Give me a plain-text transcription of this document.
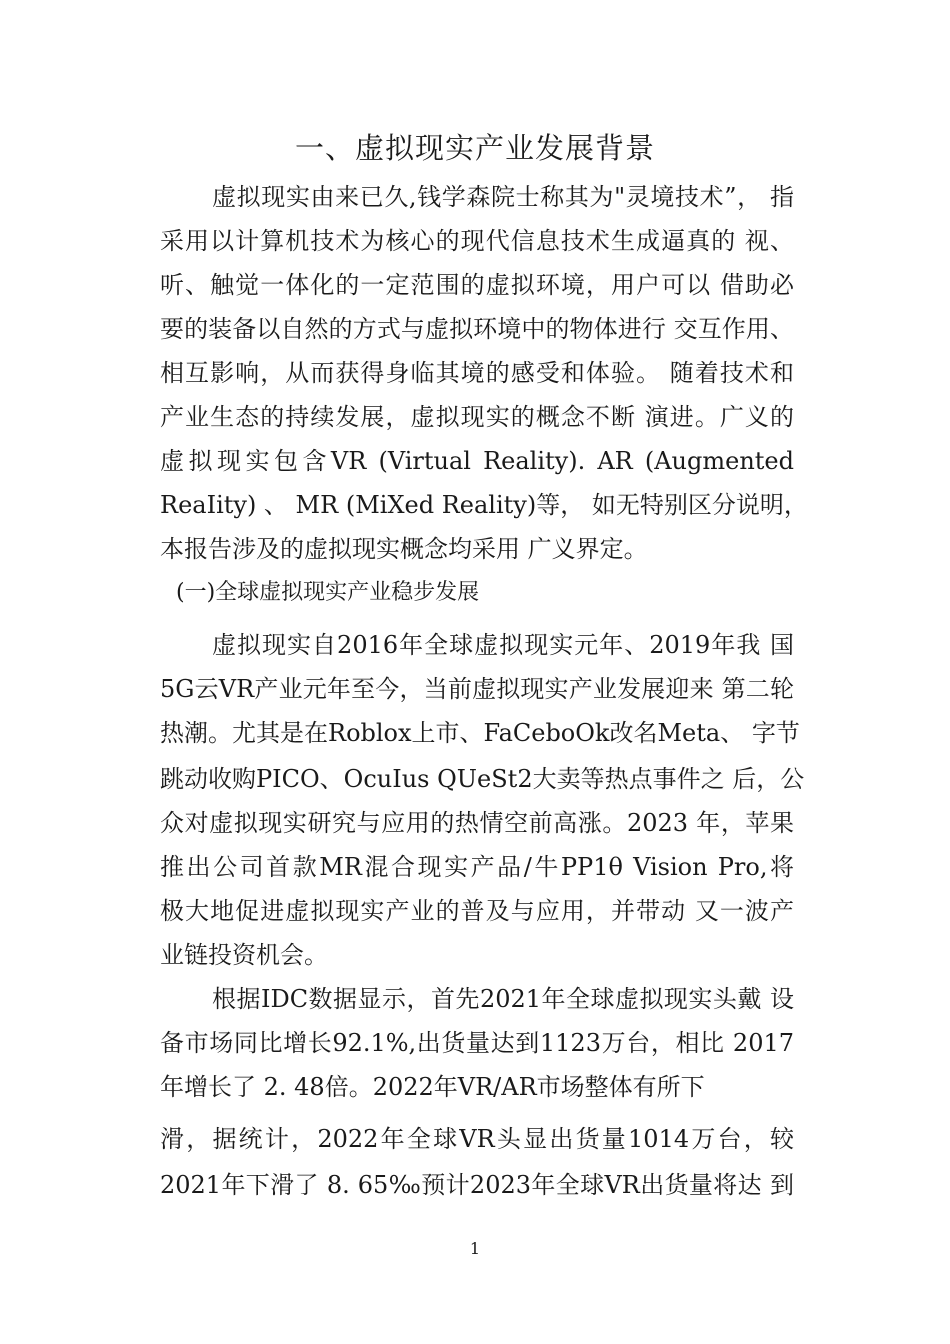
一、虚拟现实产业发展背景
虚拟现实由来已久,钱学森院士称其为"灵境技术”， 指
采用以计算机技术为核心的现代信息技术生成逼真的 视、
听、触觉一体化的一定范围的虚拟环境，用户可以 借助必
要的装备以自然的方式与虚拟环境中的物体进行 交互作用、
相互影响，从而获得身临其境的感受和体验。 随着技术和
产业生态的持续发展，虚拟现实的概念不断 演进。广义的
虚拟现实包含VR (Virtual Reality). AR (Augmented
ReaIity) 、 MR (MiXed Reality)等， 如无特别区分说明，
本报告涉及的虚拟现实概念均采用 广义界定。
(一)全球虚拟现实产业稳步发展
虚拟现实自2016年全球虚拟现实元年、2019年我 国
5G云VR产业元年至今，当前虚拟现实产业发展迎来 第二轮
热潮。尤其是在Roblox上市、FaCeboOk改名Meta、 字节
跳动收购PICO、OcuIus QUeSt2大卖等热点事件之 后，公
众对虚拟现实研究与应用的热情空前高涨。2023 年，苹果
推出公司首款MR混合现实产品/牛PP1θ Vision Pro,将
极大地促进虚拟现实产业的普及与应用，并带动 又一波产
业链投资机会。
根据IDC数据显示，首先2021年全球虚拟现实头戴 设
备市场同比增长92.1%,出货量达到1123万台，相比 2017
年增长了 2. 48倍。2022年VR/AR市场整体有所下
滑，据统计，2022年全球VR头显出货量1014万台，较
2021年下滑了 8. 65‰预计2023年全球VR出货量将达 到
1
